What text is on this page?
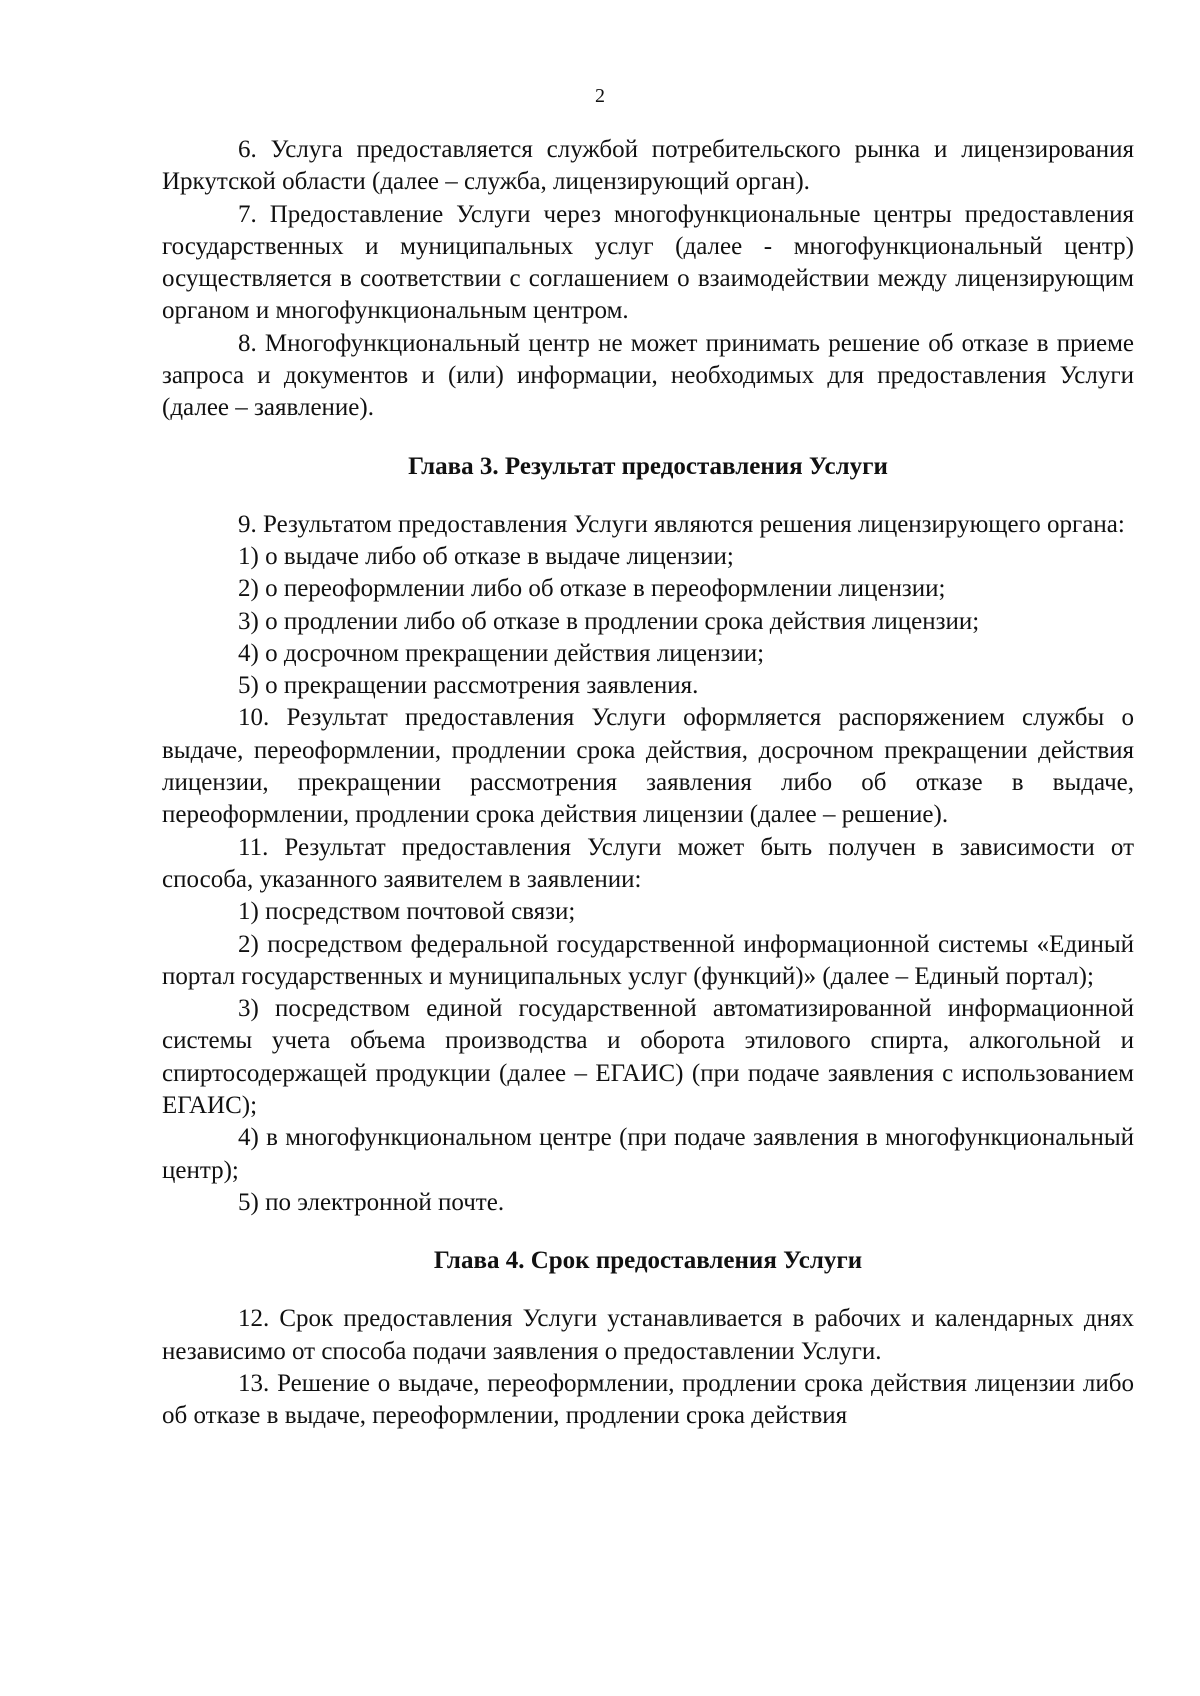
2

6. Услуга предоставляется службой потребительского рынка и лицензирования Иркутской области (далее – служба, лицензирующий орган).

7. Предоставление Услуги через многофункциональные центры предоставления государственных и муниципальных услуг (далее - многофункциональный центр) осуществляется в соответствии с соглашением о взаимодействии между лицензирующим органом и многофункциональным центром.

8. Многофункциональный центр не может принимать решение об отказе в приеме запроса и документов и (или) информации, необходимых для предоставления Услуги (далее – заявление).

Глава 3. Результат предоставления Услуги

9. Результатом предоставления Услуги являются решения лицензирующего органа:

1) о выдаче либо об отказе в выдаче лицензии;

2) о переоформлении либо об отказе в переоформлении лицензии;

3) о продлении либо об отказе в продлении срока действия лицензии;

4) о досрочном прекращении действия лицензии;

5) о прекращении рассмотрения заявления.

10. Результат предоставления Услуги оформляется распоряжением службы о выдаче, переоформлении, продлении срока действия, досрочном прекращении действия лицензии, прекращении рассмотрения заявления либо об отказе в выдаче, переоформлении, продлении срока действия лицензии (далее – решение).

11. Результат предоставления Услуги может быть получен в зависимости от способа, указанного заявителем в заявлении:

1) посредством почтовой связи;

2) посредством федеральной государственной информационной системы «Единый портал государственных и муниципальных услуг (функций)» (далее – Единый портал);

3) посредством единой государственной автоматизированной информационной системы учета объема производства и оборота этилового спирта, алкогольной и спиртосодержащей продукции (далее – ЕГАИС) (при подаче заявления с использованием ЕГАИС);

4) в многофункциональном центре (при подаче заявления в многофункциональный центр);

5) по электронной почте.

Глава 4. Срок предоставления Услуги

12. Срок предоставления Услуги устанавливается в рабочих и календарных днях независимо от способа подачи заявления о предоставлении Услуги.

13. Решение о выдаче, переоформлении, продлении срока действия лицензии либо об отказе в выдаче, переоформлении, продлении срока действия
